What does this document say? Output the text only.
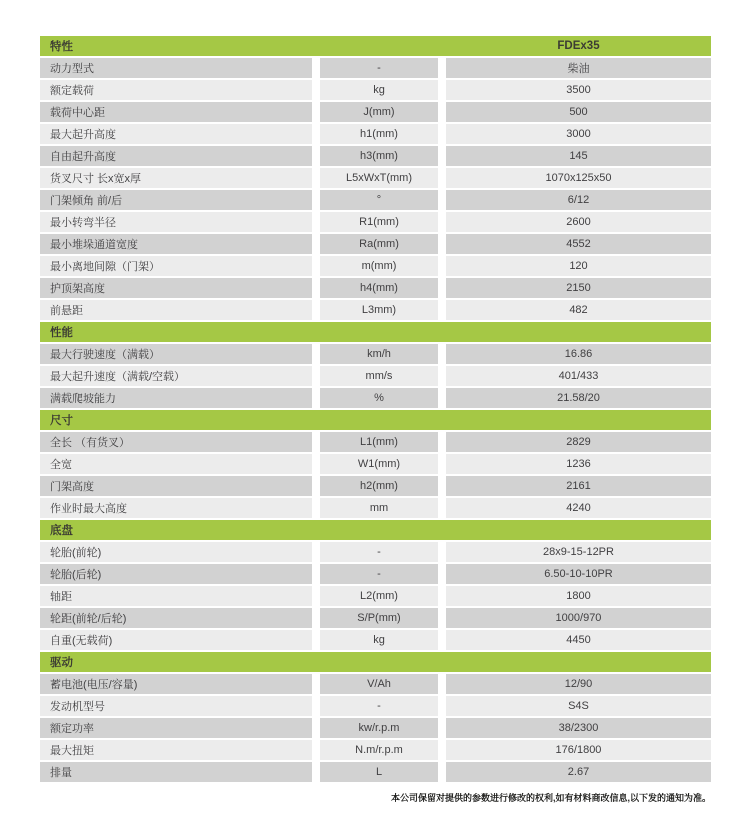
特性	FDEx35
动力型式	-	柴油
额定载荷	kg	3500
载荷中心距	J(mm)	500
最大起升高度	h1(mm)	3000
自由起升高度	h3(mm)	145
货叉尺寸 长x宽x厚	L5xWxT(mm)	1070x125x50
门架倾角 前/后	°	6/12
最小转弯半径	R1(mm)	2600
最小堆垛通道宽度	Ra(mm)	4552
最小离地间隙（门架）	m(mm)	120
护顶架高度	h4(mm)	2150
前悬距	L3mm)	482
性能
最大行驶速度（满载）	km/h	16.86
最大起升速度（满载/空载）	mm/s	401/433
满载爬坡能力	%	21.58/20
尺寸
全长 （有货叉）	L1(mm)	2829
全宽	W1(mm)	1236
门架高度	h2(mm)	2161
作业时最大高度	mm	4240
底盘
轮胎(前轮)	-	28x9-15-12PR
轮胎(后轮)	-	6.50-10-10PR
轴距	L2(mm)	1800
轮距(前轮/后轮)	S/P(mm)	1000/970
自重(无载荷)	kg	4450
驱动
蓄电池(电压/容量)	V/Ah	12/90
发动机型号	-	S4S
额定功率	kw/r.p.m	38/2300
最大扭矩	N.m/r.p.m	176/1800
排量	L	2.67
本公司保留对提供的参数进行修改的权利,如有材料商改信息,以下发的通知为准。
